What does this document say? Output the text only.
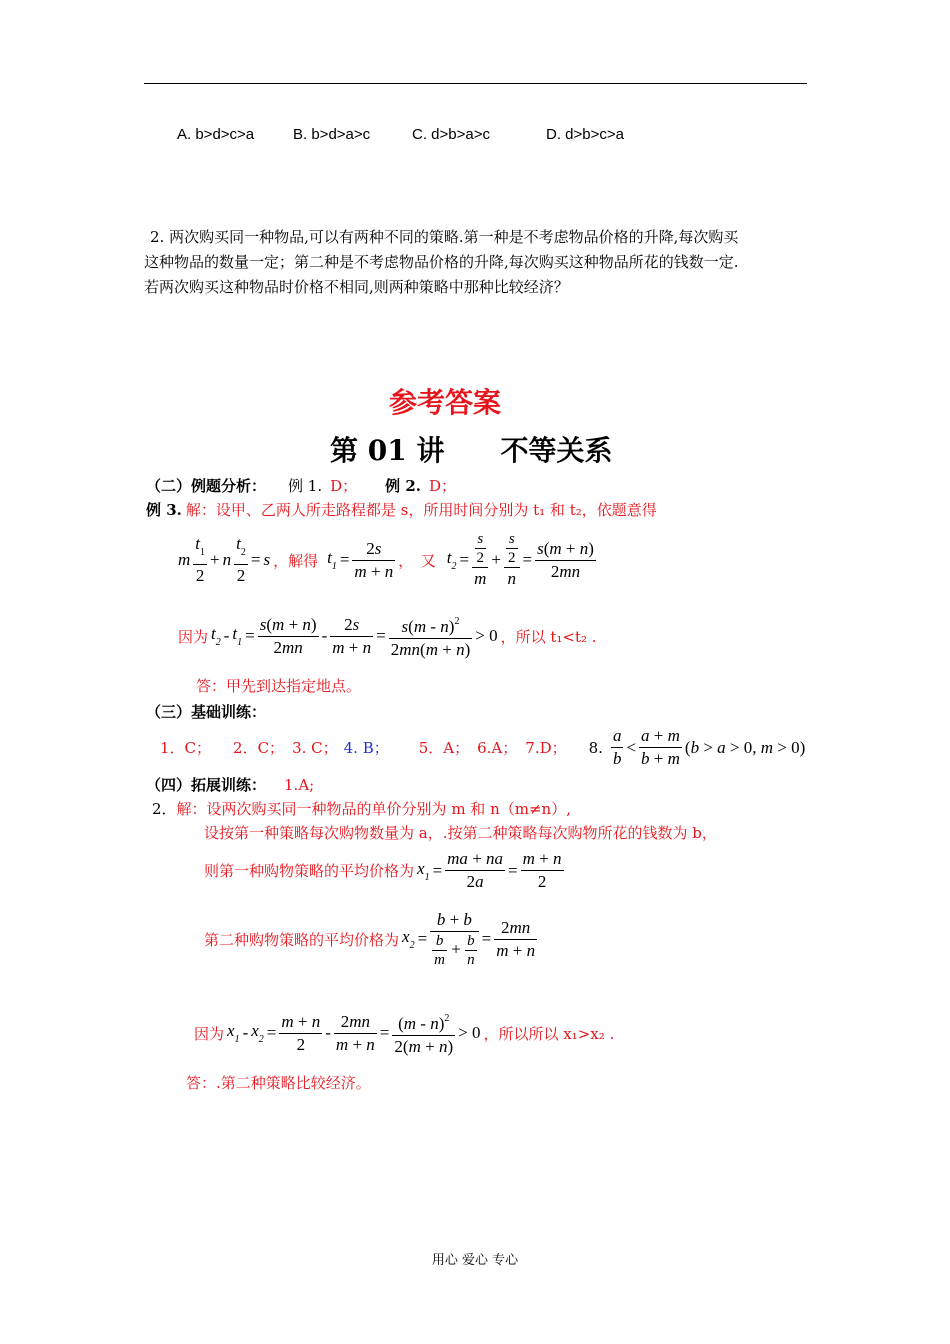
A. b>d>c>a	B. b>d>a>c	C. d>b>a>c	D. d>b>c>a
2. 两次购买同一种物品,可以有两种不同的策略.第一种是不考虑物品价格的升降,每次购买
这种物品的数量一定；第二种是不考虑物品价格的升降,每次购买这种物品所花的钱数一定.
若两次购买这种物品时价格不相同,则两种策略中那种比较经济？
参考答案
第 01 讲　　不等关系
（二）例题分析： 例 1. D； 例 2. D；
例 3. 解：设甲、乙两人所走路程都是 s，所用时间分别为 t₁ 和 t₂，依题意得
m $\frac{t_1}{2} + n \frac{t_2}{2} = s$ ，解得 $t_1 = \frac{2s}{m + n}$ ，　又 $t_2 = \frac{\frac{s}{2}}{m} + \frac{\frac{s}{2}}{n} = \frac{s(m + n)}{2mn}$
因为 $t_2 - t_1 = \frac{s(m + n)}{2mn} - \frac{2s}{m + n} = \frac{s(m - n)^2}{2mn(m + n)} > 0$ ，所以 t₁<t₂ .
答：甲先到达指定地点。
（三）基础训练：
1．C； 2．C； 3. C； 4. B； 5．A； 6.A； 7.D； 8. $\frac{a}{b} < \frac{a + m}{b + m} (b > a > 0$, m > 0)
（四）拓展训练： 1.A;
2． 解：设两次购买同一种物品的单价分别为 m 和 n（m≠n）,
设按第一种策略每次购物数量为 a，.按第二种策略每次购物所花的钱数为 b，
则第一种购物策略的平均价格为 $x_1 = \frac{ma + na}{2a} = \frac{m + n}{2}$
第二种购物策略的平均价格为 $x_2 = \frac{b + b}{\frac{b}{m} + \frac{b}{n}} = \frac{2mn}{m + n}$
因为 $x_1 - x_2 = \frac{m + n}{2} - \frac{2mn}{m + n} = \frac{(m - n)^2}{2(m + n)} > 0$ ，所以所以 x₁>x₂ .
答：.第二种策略比较经济。
用心 爱心 专心
